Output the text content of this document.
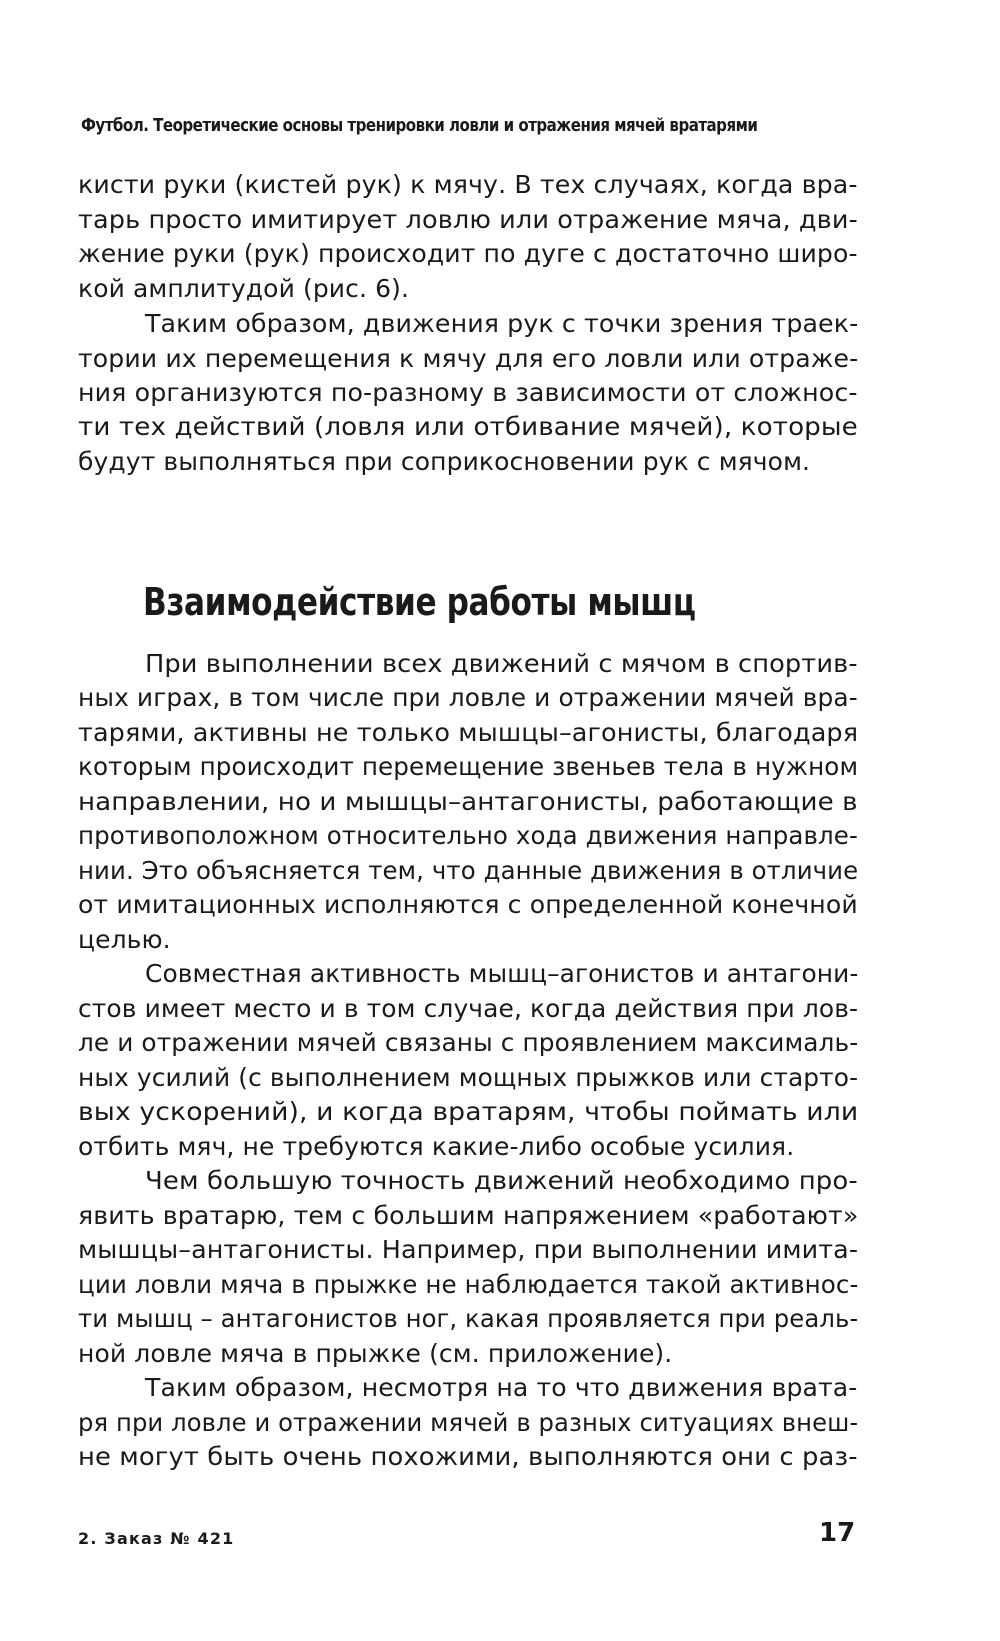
Футбол. Теоретические основы тренировки ловли и отражения мячей вратарями
кисти руки (кистей рук) к мячу. В тех случаях, когда вра-
тарь просто имитирует ловлю или отражение мяча, дви-
жение руки (рук) происходит по дуге с достаточно широ-
кой амплитудой (рис. 6).
Таким образом, движения рук с точки зрения траек-
тории их перемещения к мячу для его ловли или отраже-
ния организуются по-разному в зависимости от сложнос-
ти тех действий (ловля или отбивание мячей), которые
будут выполняться при соприкосновении рук с мячом.
При выполнении всех движений с мячом в спортив-
ных играх, в том числе при ловле и отражении мячей вра-
тарями, активны не только мышцы–агонисты, благодаря
которым происходит перемещение звеньев тела в нужном
направлении, но и мышцы–антагонисты, работающие в
противоположном относительно хода движения направле-
нии. Это объясняется тем, что данные движения в отличие
от имитационных исполняются с определенной конечной
целью.
Совместная активность мышц–агонистов и антагони-
стов имеет место и в том случае, когда действия при лов-
ле и отражении мячей связаны с проявлением максималь-
ных усилий (с выполнением мощных прыжков или старто-
вых ускорений), и когда вратарям, чтобы поймать или
отбить мяч, не требуются какие-либо особые усилия.
Чем большую точность движений необходимо про-
явить вратарю, тем с большим напряжением «работают»
мышцы–антагонисты. Например, при выполнении имита-
ции ловли мяча в прыжке не наблюдается такой активнос-
ти мышц – антагонистов ног, какая проявляется при реаль-
ной ловле мяча в прыжке (см. приложение).
Таким образом, несмотря на то что движения врата-
ря при ловле и отражении мячей в разных ситуациях внеш-
не могут быть очень похожими, выполняются они с раз-
Взаимодействие работы мышц
2. Заказ № 421	17
